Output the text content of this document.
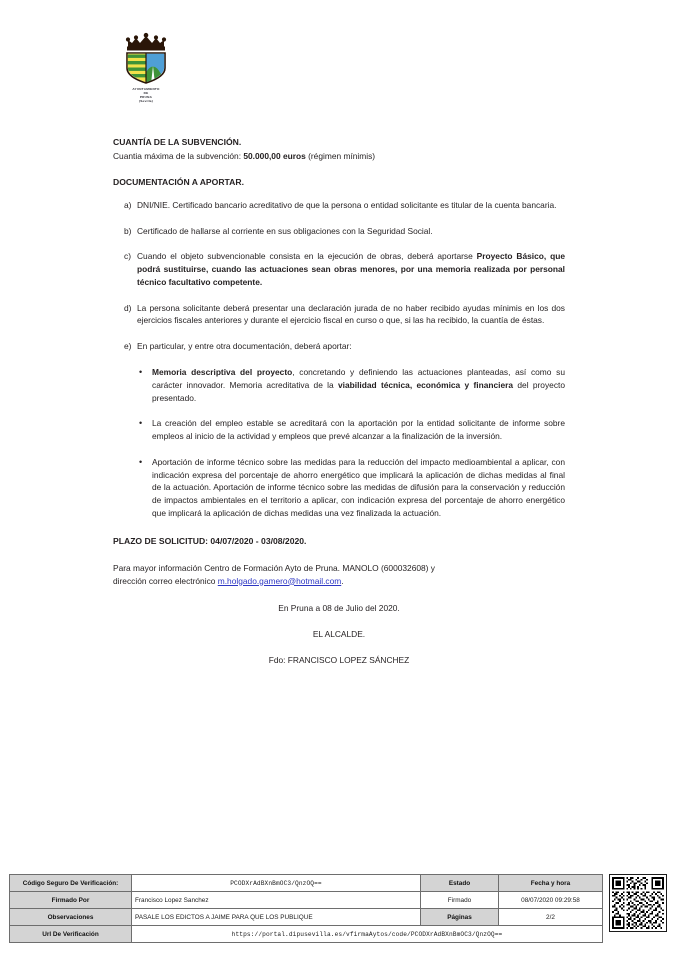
AYUNTAMIENTO
DE
PRUNA
(Sevilla)
CUANTÍA DE LA SUBVENCIÓN.

Cuantia máxima de la subvención: 50.000,00 euros (régimen mínimis)

DOCUMENTACIÓN A APORTAR.
a) DNI/NIE. Certificado bancario acreditativo de que la persona o entidad solicitante es titular de la cuenta bancaria.
b) Certificado de hallarse al corriente en sus obligaciones con la Seguridad Social.
c) Cuando el objeto subvencionable consista en la ejecución de obras, deberá aportarse Proyecto Básico, que podrá sustituirse, cuando las actuaciones sean obras menores, por una memoria realizada por personal técnico facultativo competente.
d) La persona solicitante deberá presentar una declaración jurada de no haber recibido ayudas mínimis en los dos ejercicios fiscales anteriores y durante el ejercicio fiscal en curso o que, si las ha recibido, la cuantía de éstas.
e) En particular, y entre otra documentación, deberá aportar:
•	Memoria descriptiva del proyecto, concretando y definiendo las actuaciones planteadas, así como su carácter innovador. Memoria acreditativa de la viabilidad técnica, económica y financiera del proyecto presentado.
•	La creación del empleo estable se acreditará con la aportación por la entidad solicitante de informe sobre empleos al inicio de la actividad y empleos que prevé alcanzar a la finalización de la inversión.
•	Aportación de informe técnico sobre las medidas para la reducción del impacto medioambiental a aplicar, con indicación expresa del porcentaje de ahorro energético que implicará la aplicación de dichas medidas al final de la actuación. Aportación de informe técnico sobre las medidas de difusión para la conservación y reducción de impactos ambientales en el territorio a aplicar, con indicación expresa del porcentaje de ahorro energético que implicará la aplicación de dichas medidas una vez finalizada la actuación.
PLAZO DE SOLICITUD: 04/07/2020 - 03/08/2020.

Para mayor información Centro de Formación Ayto de Pruna. MANOLO (600032608) y

dirección correo electrónico m.holgado.gamero@hotmail.com.

En Pruna a 08 de Julio del 2020.

EL ALCALDE.

Fdo: FRANCISCO LOPEZ SÁNCHEZ

Código Seguro De Verificación:	PCODXrAdBXnBmOC3/QnzOQ==	Estado	Fecha y hora
Firmado Por	Francisco Lopez Sanchez	Firmado	08/07/2020 09:29:58
Observaciones	PASALE LOS EDICTOS A JAIME PARA QUE LOS PUBLIQUE	Páginas	2/2
Url De Verificación	https://portal.dipusevilla.es/vfirmaAytos/code/PCODXrAdBXnBmOC3/QnzOQ==		
